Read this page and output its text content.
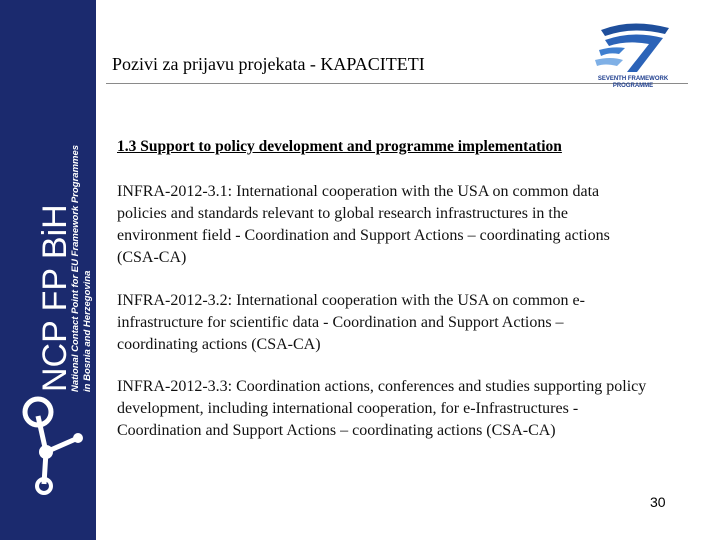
NCP FP BiH
National Contact Point for EU Framework Programmes in Bosnia and Herzegovina
Pozivi za prijavu projekata - KAPACITETI
SEVENTH FRAMEWORK
PROGRAMME
1.3 Support to policy development and programme implementation
INFRA-2012-3.1: International cooperation with the USA on common data policies and standards relevant to global research infrastructures in the environment field - Coordination and Support Actions – coordinating actions (CSA-CA)
INFRA-2012-3.2: International cooperation with the USA on common e-infrastructure for scientific data - Coordination and Support Actions – coordinating actions (CSA-CA)
INFRA-2012-3.3: Coordination actions, conferences and studies supporting policy development, including international cooperation, for e-Infrastructures - Coordination and Support Actions – coordinating actions (CSA-CA)
30
